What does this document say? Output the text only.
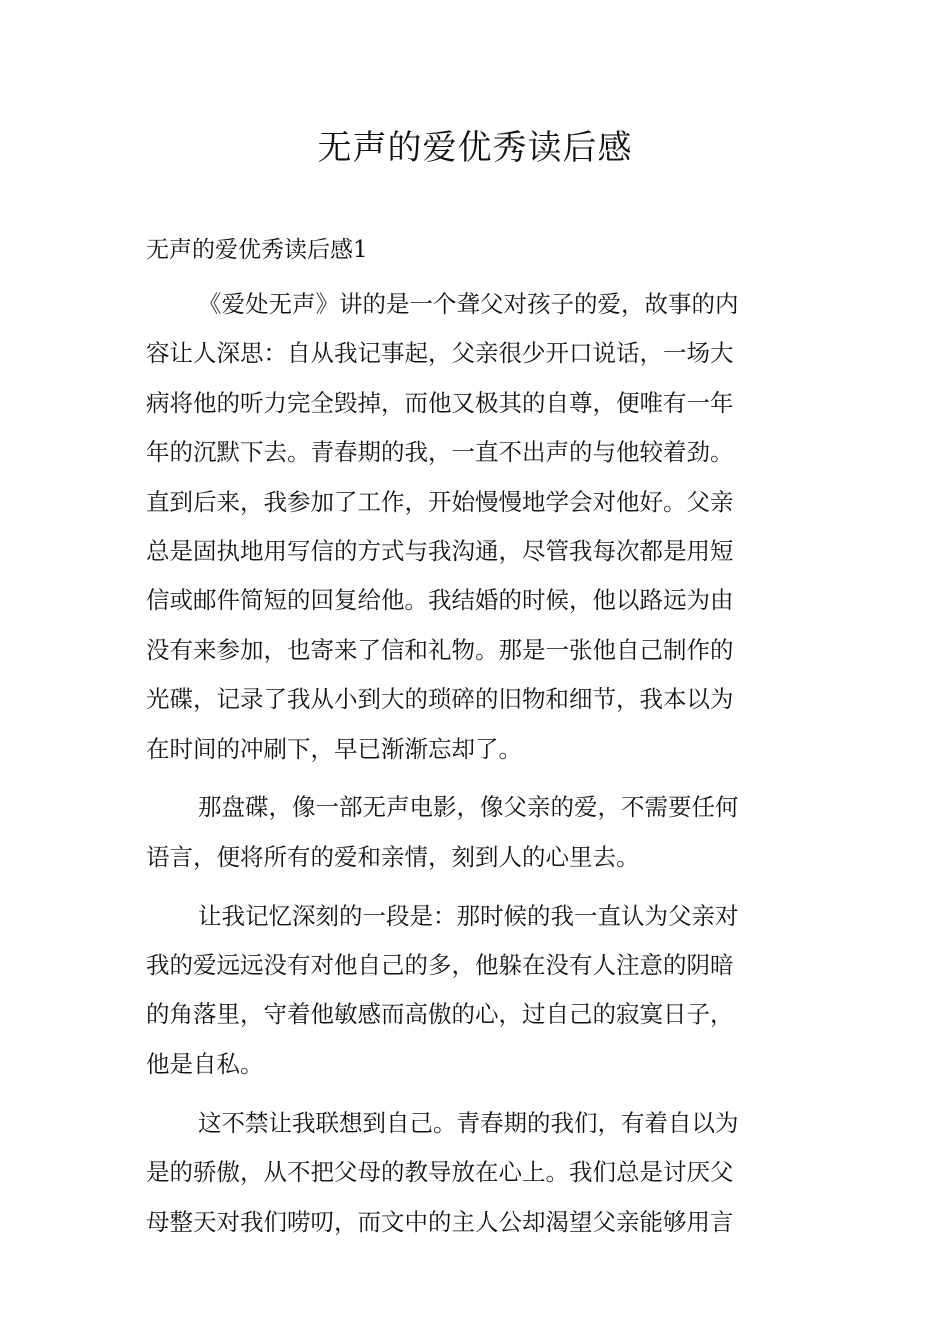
无声的爱优秀读后感
无声的爱优秀读后感1
《爱处无声》讲的是一个聋父对孩子的爱，故事的内
容让人深思：自从我记事起，父亲很少开口说话，一场大
病将他的听力完全毁掉，而他又极其的自尊，便唯有一年
年的沉默下去。青春期的我，一直不出声的与他较着劲。
直到后来，我参加了工作，开始慢慢地学会对他好。父亲
总是固执地用写信的方式与我沟通，尽管我每次都是用短
信或邮件简短的回复给他。我结婚的时候，他以路远为由
没有来参加，也寄来了信和礼物。那是一张他自己制作的
光碟，记录了我从小到大的琐碎的旧物和细节，我本以为
在时间的冲刷下，早已渐渐忘却了。
那盘碟，像一部无声电影，像父亲的爱，不需要任何
语言，便将所有的爱和亲情，刻到人的心里去。
让我记忆深刻的一段是：那时候的我一直认为父亲对
我的爱远远没有对他自己的多，他躲在没有人注意的阴暗
的角落里，守着他敏感而高傲的心，过自己的寂寞日子，
他是自私。
这不禁让我联想到自己。青春期的我们，有着自以为
是的骄傲，从不把父母的教导放在心上。我们总是讨厌父
母整天对我们唠叨，而文中的主人公却渴望父亲能够用言
